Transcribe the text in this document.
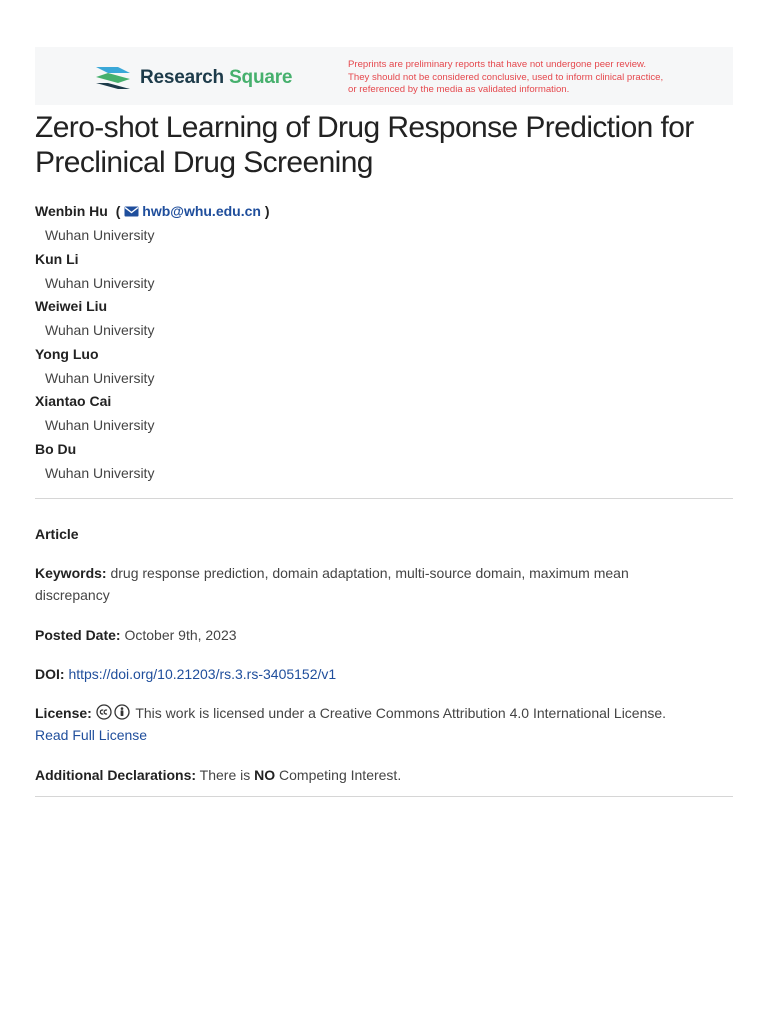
Research Square
Preprints are preliminary reports that have not undergone peer review.
They should not be considered conclusive, used to inform clinical practice,
or referenced by the media as validated information.
Zero-shot Learning of Drug Response Prediction for
Preclinical Drug Screening
Wenbin Hu ( hwb@whu.edu.cn )
Wuhan University
Kun Li
Wuhan University
Weiwei Liu
Wuhan University
Yong Luo
Wuhan University
Xiantao Cai
Wuhan University
Bo Du
Wuhan University
Article
Keywords: drug response prediction, domain adaptation, multi-source domain, maximum mean
discrepancy
Posted Date: October 9th, 2023
DOI: https://doi.org/10.21203/rs.3.rs-3405152/v1
License:	This work is licensed under a Creative Commons Attribution 4.0 International License.
Read Full License
Additional Declarations: There is NO Competing Interest.
